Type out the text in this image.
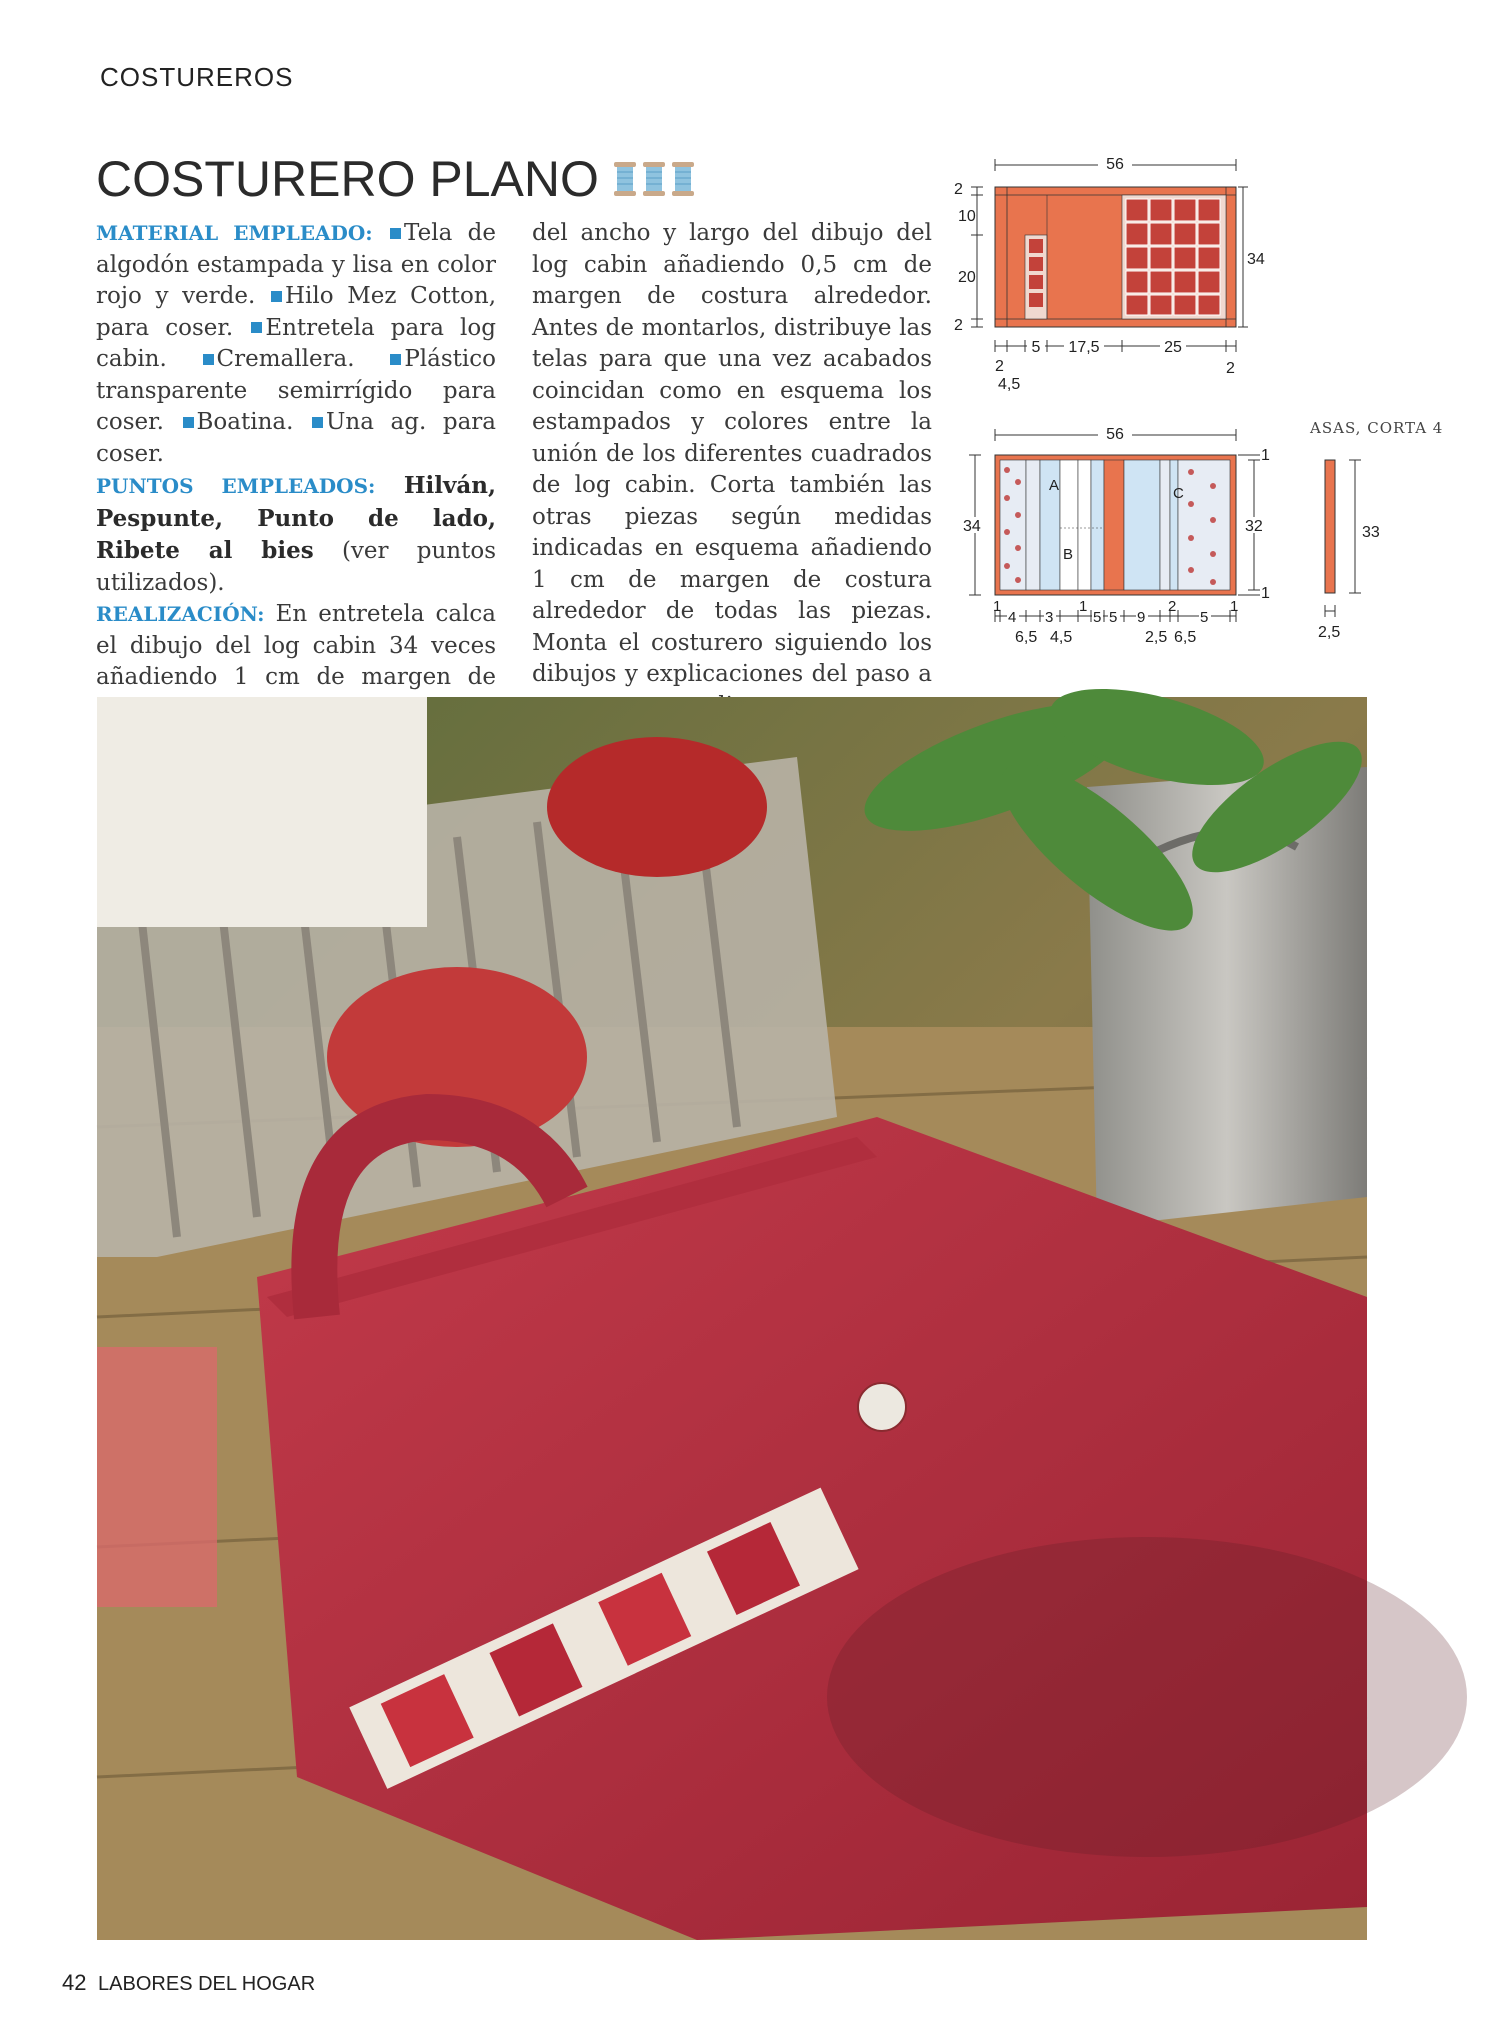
COSTUREROS
COSTURERO PLANO
MATERIAL EMPLEADO: Tela de algodón estampada y lisa en color rojo y verde. Hilo Mez Cotton, para coser. Entretela para log cabin. Cremallera. Plástico transparente semirrígido para coser. Boatina. Una ag. para coser.
PUNTOS EMPLEADOS: Hilván, Pespunte, Punto de lado, Ribete al bies (ver puntos utilizados).
REALIZACIÓN: En entretela calca el dibujo del log cabin 34 veces añadiendo 1 cm de margen de
del ancho y largo del dibujo del log cabin añadiendo 0,5 cm de margen de costura alrededor. Antes de montarlos, distribuye las telas para que una vez acabados coincidan como en esquema los estampados y colores entre la unión de los diferentes cuadrados de log cabin. Corta también las otras piezas según medidas indicadas en esquema añadiendo 1 cm de margen de costura alrededor de todas las piezas. Monta el costurero siguiendo los dibujos y explicaciones del paso a
56
34
2
10
20
2
5 17,5	25
2
2
4,5
56
A
B
C
34
1
32
1
1
4 3
1
5 5 9
2
5
1
6,5 4,5	2,5 6,5
ASAS, CORTA 4
33
2,5
42 LABORES DEL HOGAR
